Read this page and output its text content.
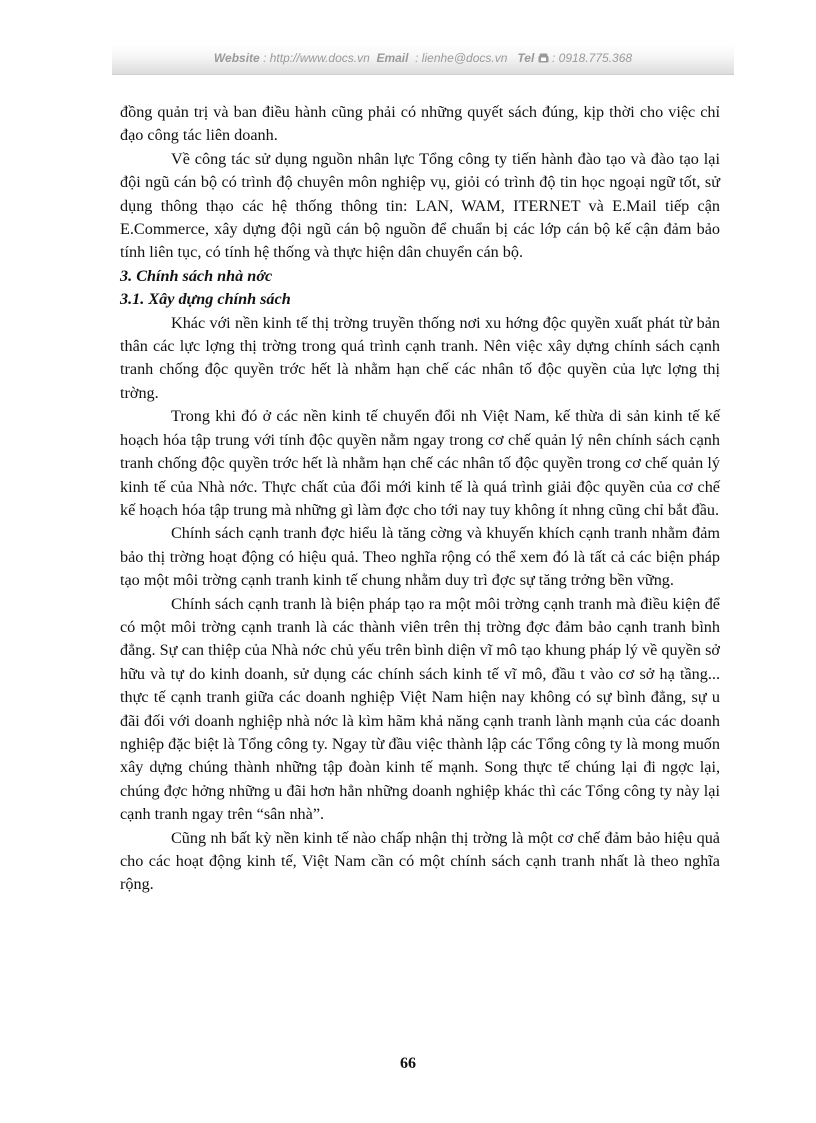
Website : http://www.docs.vn Email : lienhe@docs.vn Tel : 0918.775.368

đồng quản trị và ban điều hành cũng phải có những quyết sách đúng, kịp thời cho việc chỉ đạo công tác liên doanh.

Về công tác sử dụng nguồn nhân lực Tổng công ty tiến hành đào tạo và đào tạo lại đội ngũ cán bộ có trình độ chuyên môn nghiệp vụ, giỏi có trình độ tin học ngoại ngữ tốt, sử dụng thông thạo các hệ thống thông tin: LAN, WAM, ITERNET và E.Mail tiếp cận E.Commerce, xây dựng đội ngũ cán bộ nguồn để chuẩn bị các lớp cán bộ kế cận đảm bảo tính liên tục, có tính hệ thống và thực hiện dân chuyển cán bộ.

3. Chính sách nhà nớc

3.1. Xây dựng chính sách

Khác với nền kinh tế thị trờng truyền thống nơi xu hớng độc quyền xuất phát từ bản thân các lực lợng thị trờng trong quá trình cạnh tranh. Nên việc xây dựng chính sách cạnh tranh chống độc quyền trớc hết là nhằm hạn chế các nhân tố độc quyền của lực lợng thị trờng.

Trong khi đó ở các nền kinh tế chuyển đổi nh Việt Nam, kế thừa di sản kinh tế kế hoạch hóa tập trung với tính độc quyền nằm ngay trong cơ chế quản lý nên chính sách cạnh tranh chống độc quyền trớc hết là nhằm hạn chế các nhân tố độc quyền trong cơ chế quản lý kinh tế của Nhà nớc. Thực chất của đổi mới kinh tế là quá trình giải độc quyền của cơ chế kế hoạch hóa tập trung mà những gì làm đợc cho tới nay tuy không ít nhng cũng chỉ bắt đầu.

Chính sách cạnh tranh đợc hiểu là tăng cờng và khuyến khích cạnh tranh nhằm đảm bảo thị trờng hoạt động có hiệu quả. Theo nghĩa rộng có thể xem đó là tất cả các biện pháp tạo một môi trờng cạnh tranh kinh tế chung nhằm duy trì đợc sự tăng trởng bền vững.

Chính sách cạnh tranh là biện pháp tạo ra một môi trờng cạnh tranh mà điều kiện để có một môi trờng cạnh tranh là các thành viên trên thị trờng đợc đảm bảo cạnh tranh bình đẳng. Sự can thiệp của Nhà nớc chủ yếu trên bình diện vĩ mô tạo khung pháp lý về quyền sở hữu và tự do kinh doanh, sử dụng các chính sách kinh tế vĩ mô, đầu t vào cơ sở hạ tầng... thực tế cạnh tranh giữa các doanh nghiệp Việt Nam hiện nay không có sự bình đẳng, sự u đãi đối với doanh nghiệp nhà nớc là kìm hãm khả năng cạnh tranh lành mạnh của các doanh nghiệp đặc biệt là Tổng công ty. Ngay từ đầu việc thành lập các Tổng công ty là mong muốn xây dựng chúng thành những tập đoàn kinh tế mạnh. Song thực tế chúng lại đi ngợc lại, chúng đợc hởng những u đãi hơn hẳn những doanh nghiệp khác thì các Tổng công ty này lại cạnh tranh ngay trên “sân nhà”.

Cũng nh bất kỳ nền kinh tế nào chấp nhận thị trờng là một cơ chế đảm bảo hiệu quả cho các hoạt động kinh tế, Việt Nam cần có một chính sách cạnh tranh nhất là theo nghĩa rộng.

66
